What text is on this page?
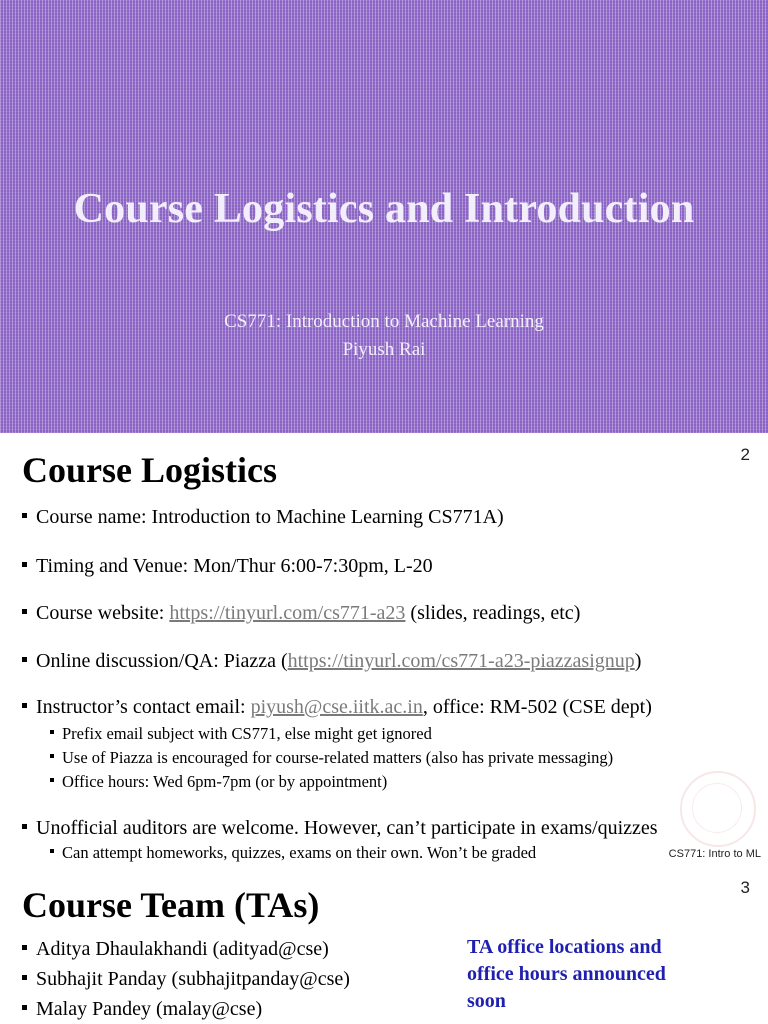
Course Logistics and Introduction
CS771: Introduction to Machine Learning
Piyush Rai
2
Course Logistics
Course name: Introduction to Machine Learning CS771A)
Timing and Venue: Mon/Thur 6:00-7:30pm, L-20
Course website: https://tinyurl.com/cs771-a23 (slides, readings, etc)
Online discussion/QA: Piazza (https://tinyurl.com/cs771-a23-piazzasignup)
Instructor’s contact email: piyush@cse.iitk.ac.in, office: RM-502 (CSE dept)
Prefix email subject with CS771, else might get ignored
Use of Piazza is encouraged for course-related matters (also has private messaging)
Office hours: Wed 6pm-7pm (or by appointment)
Unofficial auditors are welcome. However, can’t participate in exams/quizzes
Can attempt homeworks, quizzes, exams on their own. Won’t be graded	CS771: Intro to ML
3
Course Team (TAs)
Aditya Dhaulakhandi (adityad@cse)
Subhajit Panday (subhajitpanday@cse)
Malay Pandey (malay@cse)
TA office locations and office hours announced soon
